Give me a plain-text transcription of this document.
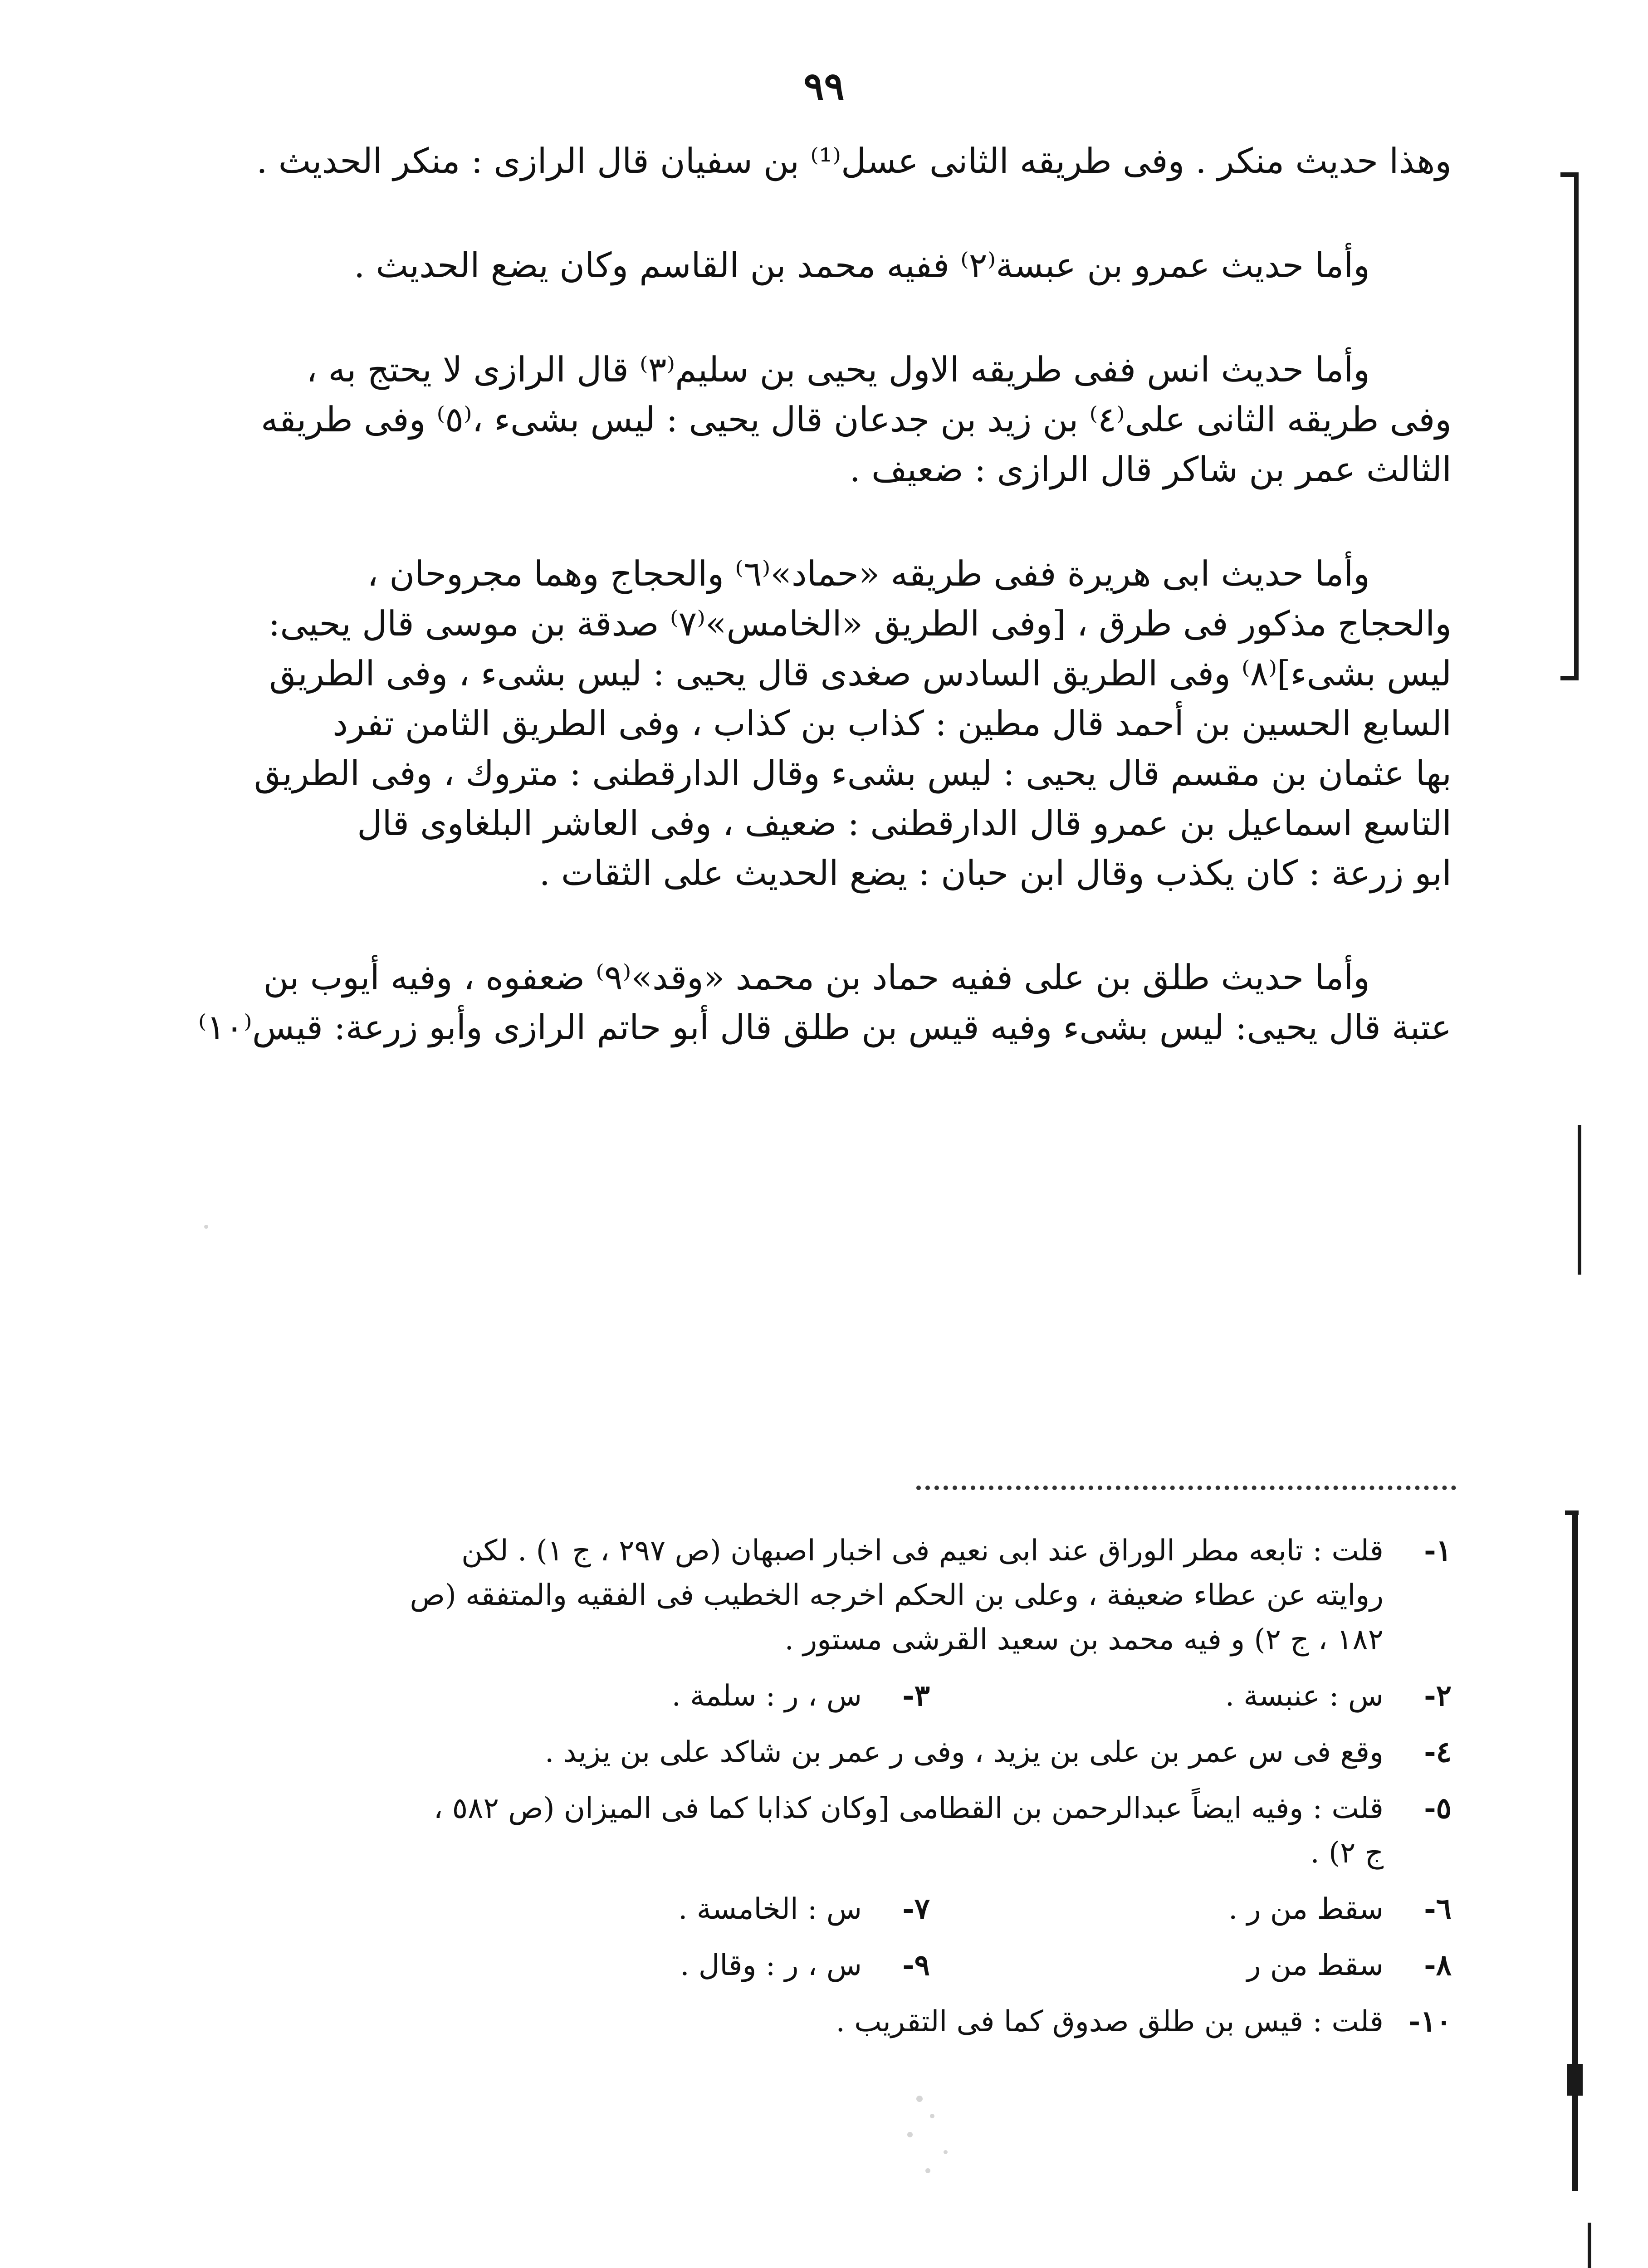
٩٩
وهذا حديث منكر . وفى طريقه الثانى عسل⁽¹⁾ بن سفيان قال الرازى : منكر الحديث .
وأما حديث عمرو بن عبسة⁽٢⁾ ففيه محمد بن القاسم وكان يضع الحديث .
وأما حديث انس ففى طريقه الاول يحيى بن سليم⁽٣⁾ قال الرازى لا يحتج به ،
وفى طريقه الثانى على⁽٤⁾ بن زيد بن جدعان قال يحيى : ليس بشىء ،⁽٥⁾ وفى طريقه
الثالث عمر بن شاكر قال الرازى : ضعيف .
وأما حديث ابى هريرة ففى طريقه «حماد»⁽٦⁾ والحجاج وهما مجروحان ،
والحجاج مذكور فى طرق ، [وفى الطريق «الخامس»⁽٧⁾ صدقة بن موسى قال يحيى:
ليس بشىء]⁽٨⁾ وفى الطريق السادس صغدى قال يحيى : ليس بشىء ، وفى الطريق
السابع الحسين بن أحمد قال مطين : كذاب بن كذاب ، وفى الطريق الثامن تفرد
بها عثمان بن مقسم قال يحيى : ليس بشىء وقال الدارقطنى : متروك ، وفى الطريق
التاسع اسماعيل بن عمرو قال الدارقطنى : ضعيف ، وفى العاشر البلغاوى قال
ابو زرعة : كان يكذب وقال ابن حبان : يضع الحديث على الثقات .
وأما حديث طلق بن على ففيه حماد بن محمد «وقد»⁽٩⁾ ضعفوه ، وفيه أيوب بن
عتبة قال يحيى: ليس بشىء وفيه قيس بن طلق قال أبو حاتم الرازى وأبو زرعة: قيس⁽١٠⁾
١-قلت : تابعه مطر الوراق عند ابى نعيم فى اخبار اصبهان (ص ٢٩٧ ، ج ١) . لكن
روايته عن عطاء ضعيفة ، وعلى بن الحكم اخرجه الخطيب فى الفقيه والمتفقه (ص
١٨٢ ، ج ٢) و فيه محمد بن سعيد القرشى مستور .
٢-س : عنبسة .٣-س ، ر : سلمة .
٤-وقع فى س عمر بن على بن يزيد ، وفى ر عمر بن شاكد على بن يزيد .
٥-قلت : وفيه ايضاً عبدالرحمن بن القطامى [وكان كذابا كما فى الميزان (ص ٥٨٢ ،
ج ٢) .
٦-سقط من ر .٧-س : الخامسة .
٨-سقط من ر٩-س ، ر : وقال .
١٠-قلت : قيس بن طلق صدوق كما فى التقريب .
